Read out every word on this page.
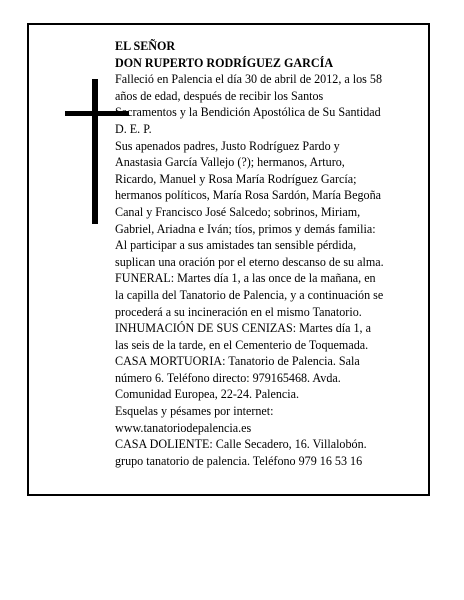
EL SEÑOR
DON RUPERTO RODRÍGUEZ GARCÍA
Falleció en Palencia el día 30 de abril de 2012, a los 58
años de edad, después de recibir los Santos
Sacramentos y la Bendición Apostólica de Su Santidad
D. E. P.
Sus apenados padres, Justo Rodríguez Pardo y
Anastasia García Vallejo (?); hermanos, Arturo,
Ricardo, Manuel y Rosa María Rodríguez García;
hermanos políticos, María Rosa Sardón, María Begoña
Canal y Francisco José Salcedo; sobrinos, Miriam,
Gabriel, Ariadna e Iván; tíos, primos y demás familia:
Al participar a sus amistades tan sensible pérdida,
suplican una oración por el eterno descanso de su alma.
FUNERAL: Martes día 1, a las once de la mañana, en
la capilla del Tanatorio de Palencia, y a continuación se
procederá a su incineración en el mismo Tanatorio.
INHUMACIÓN DE SUS CENIZAS: Martes día 1, a
las seis de la tarde, en el Cementerio de Toquemada.
CASA MORTUORIA: Tanatorio de Palencia. Sala
número 6. Teléfono directo: 979165468. Avda.
Comunidad Europea, 22-24. Palencia.
Esquelas y pésames por internet:
www.tanatoriodepalencia.es
CASA DOLIENTE: Calle Secadero, 16. Villalobón.
grupo tanatorio de palencia. Teléfono 979 16 53 16
